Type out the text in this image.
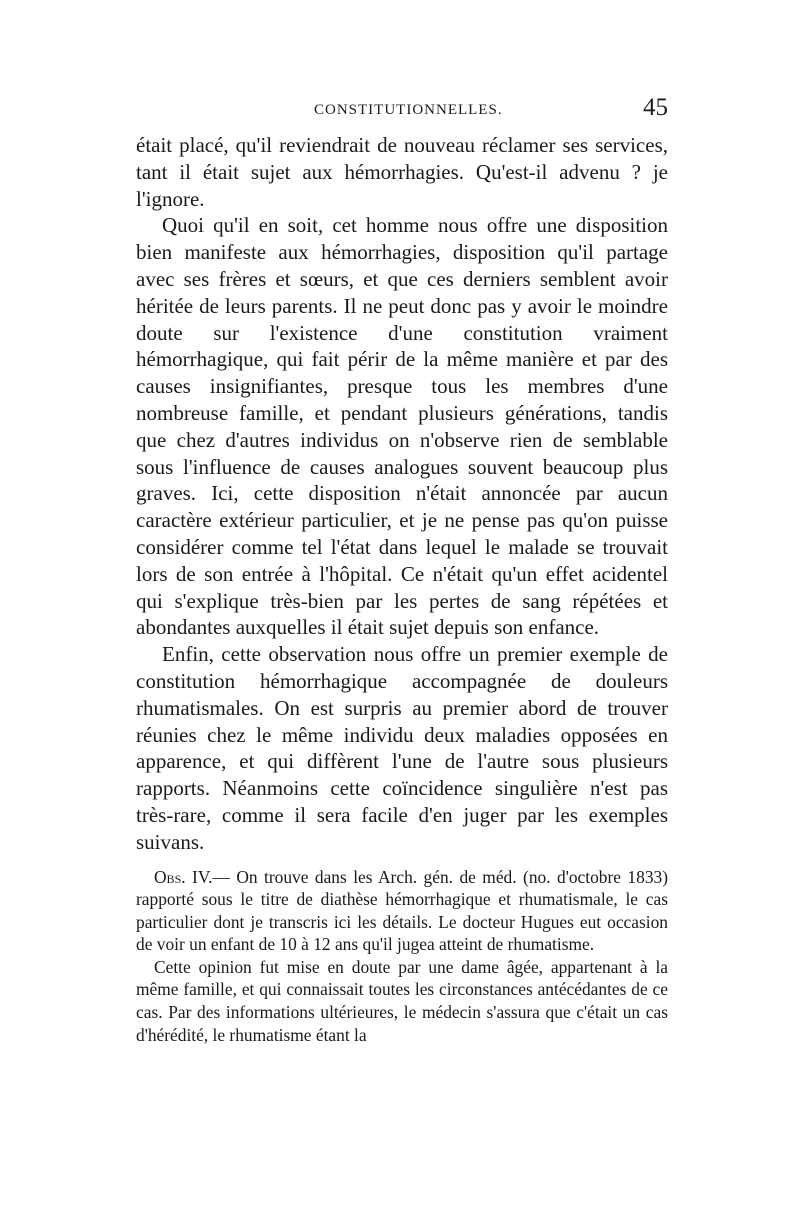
CONSTITUTIONNELLES.	45

était placé, qu'il reviendrait de nouveau réclamer ses services, tant il était sujet aux hémorrhagies. Qu'est-il advenu ? je l'ignore.

Quoi qu'il en soit, cet homme nous offre une disposition bien manifeste aux hémorrhagies, disposition qu'il partage avec ses frères et sœurs, et que ces derniers semblent avoir héritée de leurs parents. Il ne peut donc pas y avoir le moindre doute sur l'existence d'une constitution vraiment hémorrhagique, qui fait périr de la même manière et par des causes insignifiantes, presque tous les membres d'une nombreuse famille, et pendant plusieurs générations, tandis que chez d'autres individus on n'observe rien de semblable sous l'influence de causes analogues souvent beaucoup plus graves. Ici, cette disposition n'était annoncée par aucun caractère extérieur particulier, et je ne pense pas qu'on puisse considérer comme tel l'état dans lequel le malade se trouvait lors de son entrée à l'hôpital. Ce n'était qu'un effet acidentel qui s'explique très-bien par les pertes de sang répétées et abondantes auxquelles il était sujet depuis son enfance.

Enfin, cette observation nous offre un premier exemple de constitution hémorrhagique accompagnée de douleurs rhumatismales. On est surpris au premier abord de trouver réunies chez le même individu deux maladies opposées en apparence, et qui diffèrent l'une de l'autre sous plusieurs rapports. Néanmoins cette coïncidence singulière n'est pas très-rare, comme il sera facile d'en juger par les exemples suivans.

Obs. IV.— On trouve dans les Arch. gén. de méd. (no. d'octobre 1833) rapporté sous le titre de diathèse hémorrhagique et rhumatismale, le cas particulier dont je transcris ici les détails. Le docteur Hugues eut occasion de voir un enfant de 10 à 12 ans qu'il jugea atteint de rhumatisme.

Cette opinion fut mise en doute par une dame âgée, appartenant à la même famille, et qui connaissait toutes les circonstances antécédantes de ce cas. Par des informations ultérieures, le médecin s'assura que c'était un cas d'hérédité, le rhumatisme étant la
